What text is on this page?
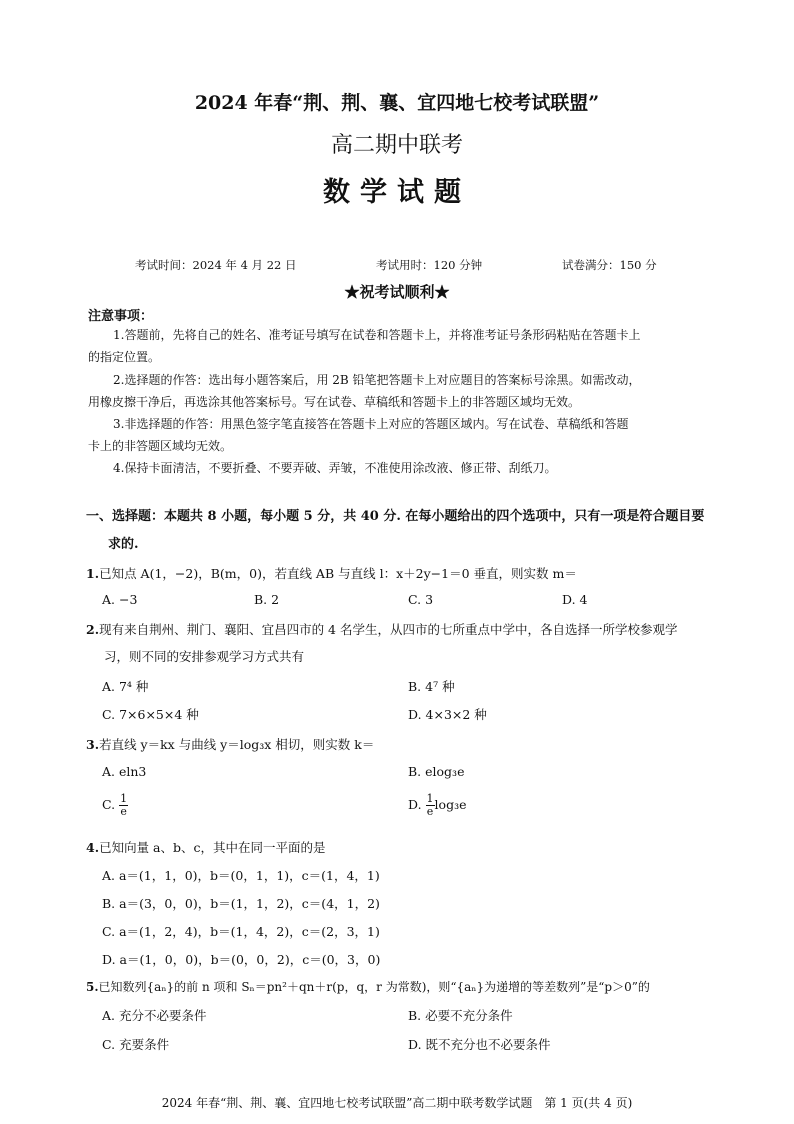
2024 年春“荆、荆、襄、宜四地七校考试联盟”
高二期中联考
数学试题
考试时间：2024 年 4 月 22 日	考试用时：120 分钟	试卷满分：150 分
★祝考试顺利★
注意事项：
1.答题前，先将自己的姓名、准考证号填写在试卷和答题卡上，并将准考证号条形码粘贴在答题卡上
的指定位置。
2.选择题的作答：选出每小题答案后，用 2B 铅笔把答题卡上对应题目的答案标号涂黑。如需改动，
用橡皮擦干净后，再选涂其他答案标号。写在试卷、草稿纸和答题卡上的非答题区域均无效。
3.非选择题的作答：用黑色签字笔直接答在答题卡上对应的答题区域内。写在试卷、草稿纸和答题
卡上的非答题区域均无效。
4.保持卡面清洁，不要折叠、不要弄破、弄皱，不准使用涂改液、修正带、刮纸刀。
一、选择题：本题共 8 小题，每小题 5 分，共 40 分. 在每小题给出的四个选项中，只有一项是符合题目要
求的.
1.已知点 A(1，−2)，B(m，0)，若直线 AB 与直线 l：x＋2y−1＝0 垂直，则实数 m＝
A. −3	B. 2	C. 3	D. 4
2.现有来自荆州、荆门、襄阳、宜昌四市的 4 名学生，从四市的七所重点中学中，各自选择一所学校参观学
习，则不同的安排参观学习方式共有
A. 7⁴ 种	B. 4⁷ 种
C. 7×6×5×4 种	D. 4×3×2 种
3.若直线 y＝kx 与曲线 y＝log₃x 相切，则实数 k＝
A. eln3	B. elog₃e
C. $\frac{1}{e}$	D. $\frac{1}{e} \log_3e$
4.已知向量 a、b、c，其中在同一平面的是
A. a＝(1，1，0)，b＝(0，1，1)，c＝(1，4，1)
B. a＝(3，0，0)，b＝(1，1，2)，c＝(4，1，2)
C. a＝(1，2，4)，b＝(1，4，2)，c＝(2，3，1)
D. a＝(1，0，0)，b＝(0，0，2)，c＝(0，3，0)
5.已知数列{aₙ}的前 n 项和 Sₙ＝pn²＋qn＋r(p，q，r 为常数)，则“{aₙ}为递增的等差数列”是“p＞0”的
A. 充分不必要条件	B. 必要不充分条件
C. 充要条件	D. 既不充分也不必要条件
2024 年春“荆、荆、襄、宜四地七校考试联盟”高二期中联考数学试题　第 1 页(共 4 页)
